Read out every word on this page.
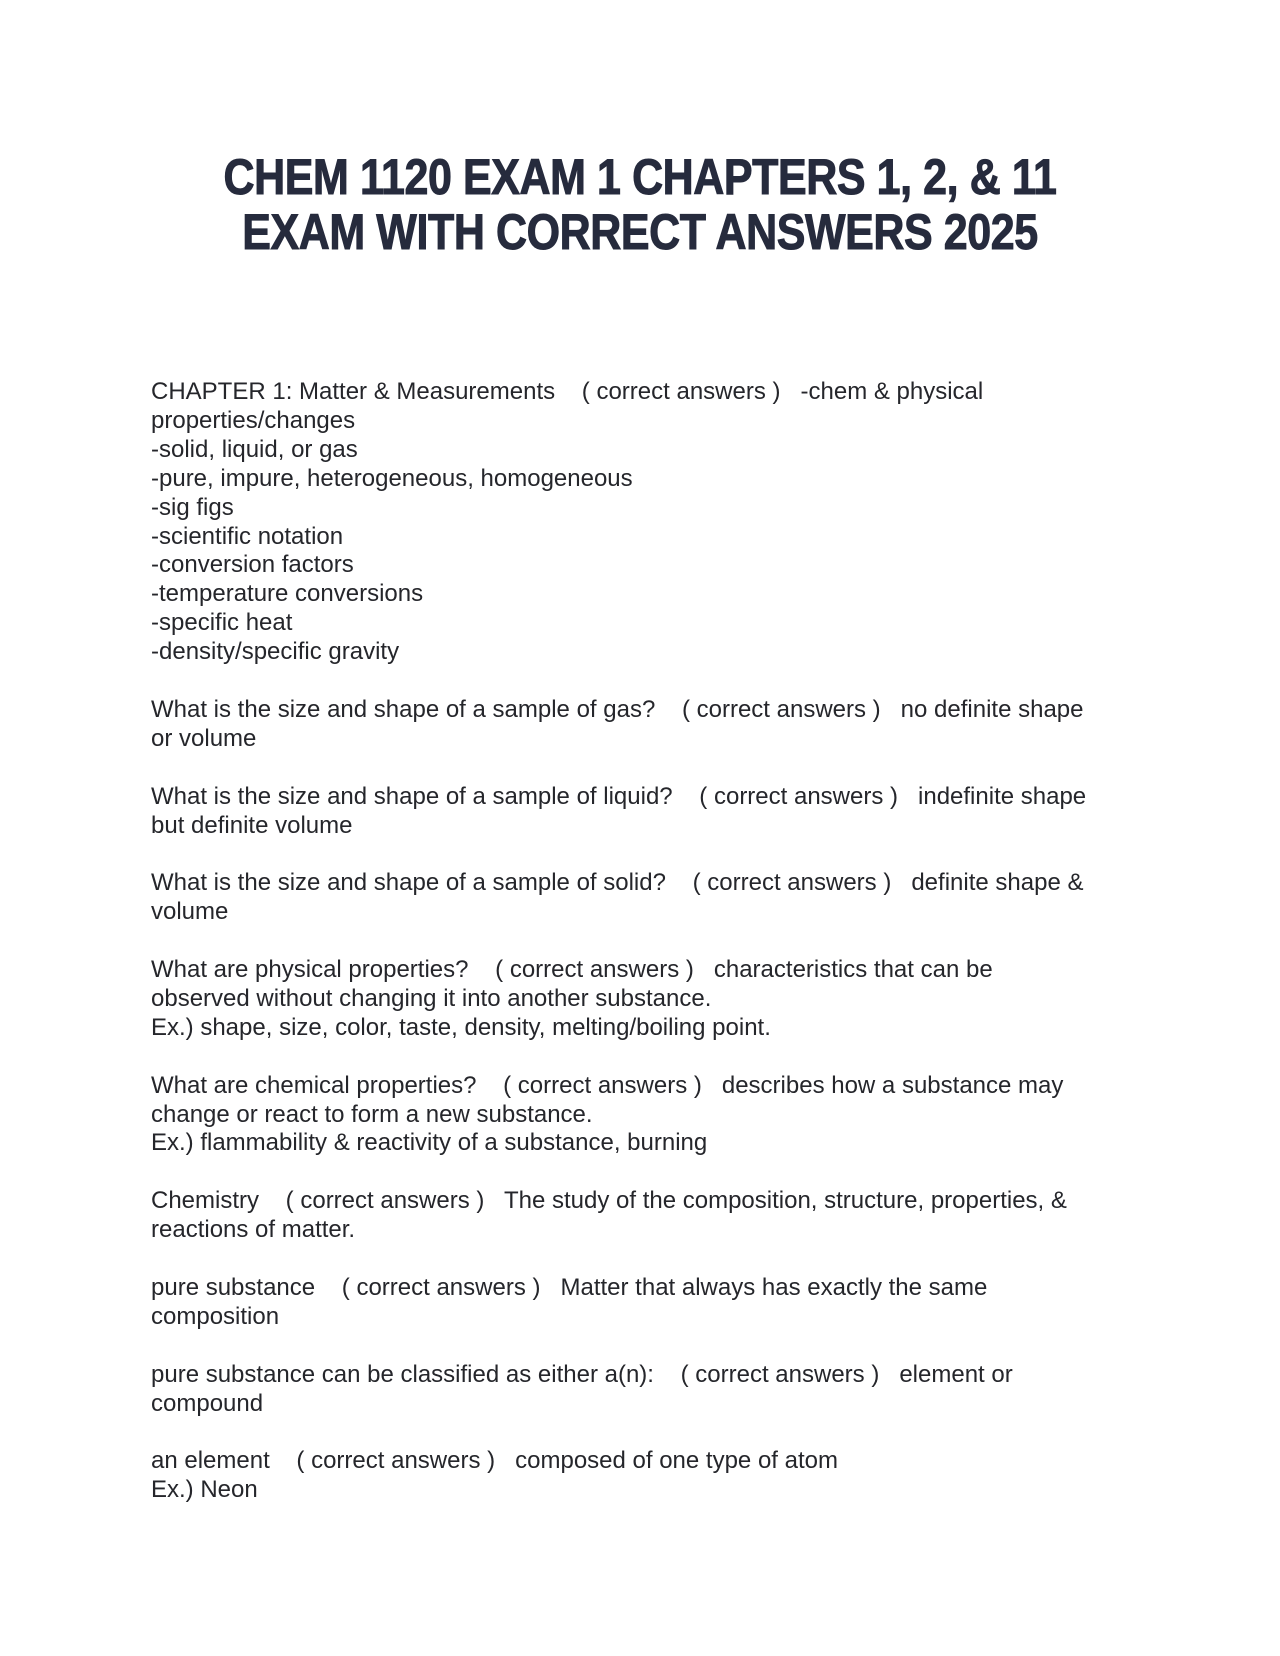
CHEM 1120 EXAM 1 CHAPTERS 1, 2, & 11
EXAM WITH CORRECT ANSWERS 2025
CHAPTER 1: Matter & Measurements    ( correct answers )   -chem & physical
properties/changes
-solid, liquid, or gas
-pure, impure, heterogeneous, homogeneous
-sig figs
-scientific notation
-conversion factors
-temperature conversions
-specific heat
-density/specific gravity
What is the size and shape of a sample of gas?    ( correct answers )   no definite shape
or volume
What is the size and shape of a sample of liquid?    ( correct answers )   indefinite shape
but definite volume
What is the size and shape of a sample of solid?    ( correct answers )   definite shape &
volume
What are physical properties?    ( correct answers )   characteristics that can be
observed without changing it into another substance.
Ex.) shape, size, color, taste, density, melting/boiling point.
What are chemical properties?    ( correct answers )   describes how a substance may
change or react to form a new substance.
Ex.) flammability & reactivity of a substance, burning
Chemistry    ( correct answers )   The study of the composition, structure, properties, &
reactions of matter.
pure substance    ( correct answers )   Matter that always has exactly the same
composition
pure substance can be classified as either a(n):    ( correct answers )   element or
compound
an element    ( correct answers )   composed of one type of atom
Ex.) Neon
